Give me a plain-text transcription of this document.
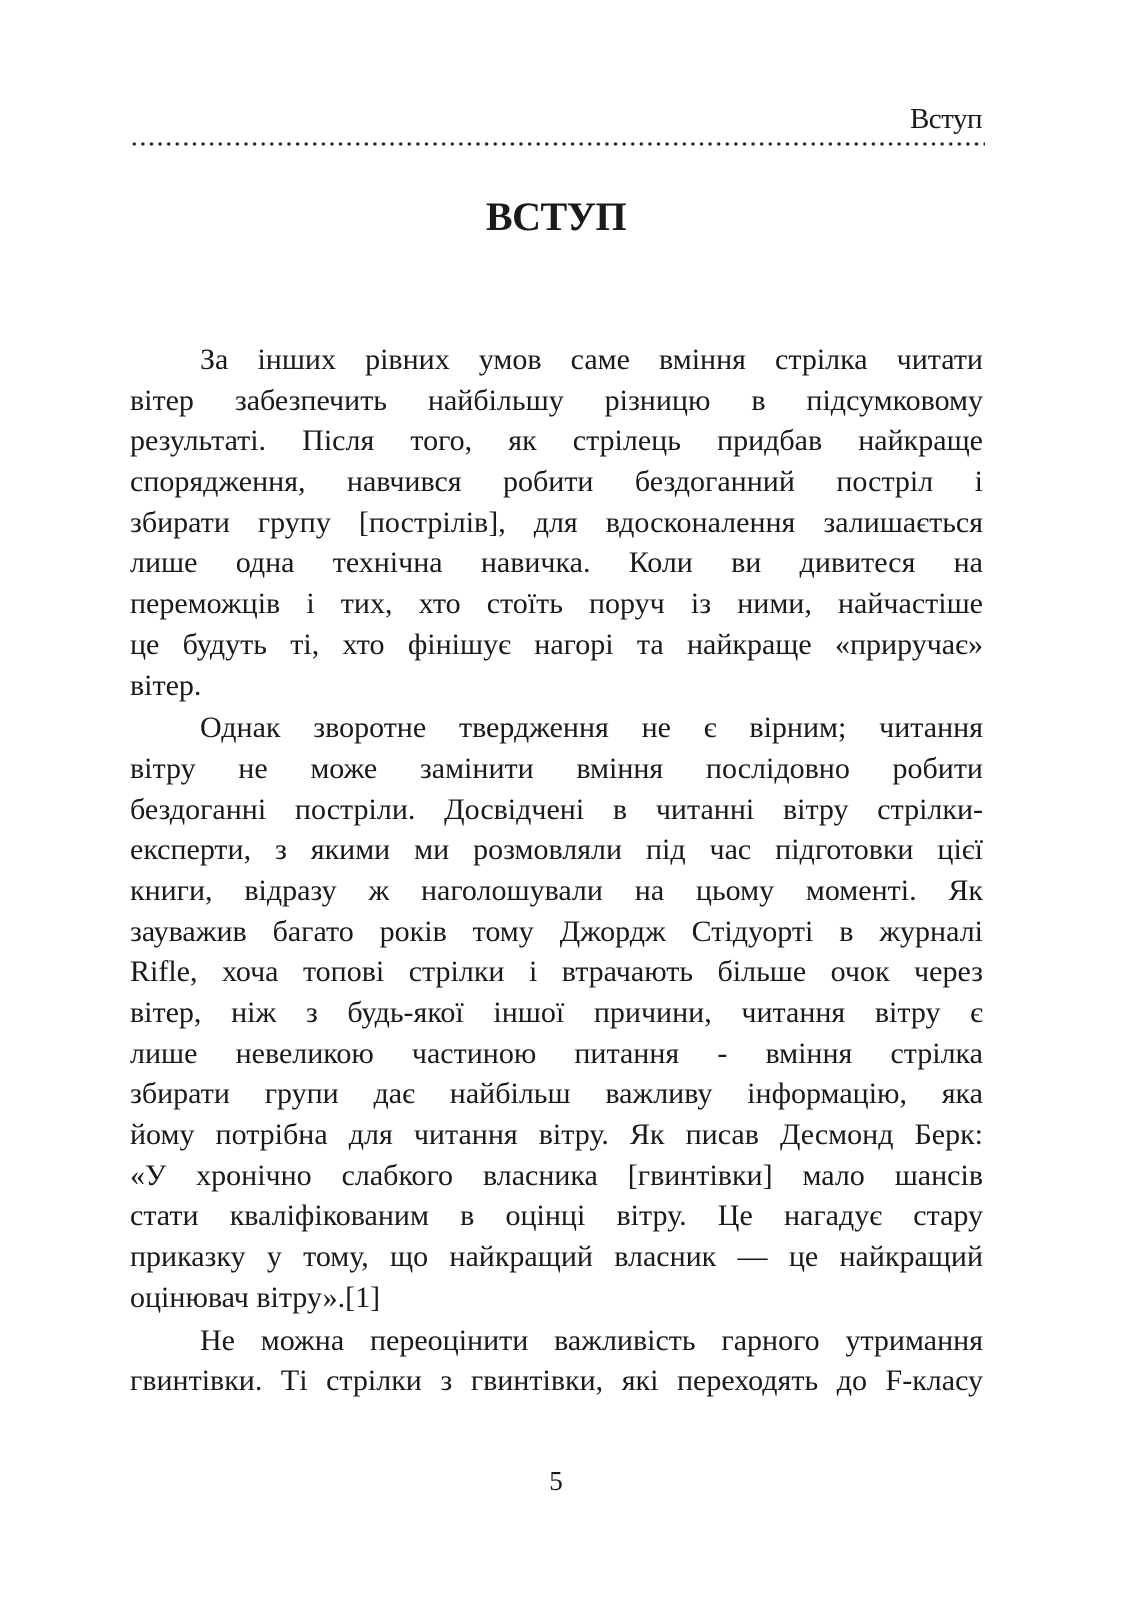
Вступ
ВСТУП
За інших рівних умов саме вміння стрілка читати
вітер забезпечить найбільшу різницю в підсумковому
результаті. Після того, як стрілець придбав найкраще
спорядження, навчився робити бездоганний постріл і
збирати групу [пострілів], для вдосконалення залишається
лише одна технічна навичка. Коли ви дивитеся на
переможців і тих, хто стоїть поруч із ними, найчастіше
це будуть ті, хто фінішує нагорі та найкраще «приручає»
вітер.
Однак зворотне твердження не є вірним; читання
вітру не може замінити вміння послідовно робити
бездоганні постріли. Досвідчені в читанні вітру стрілки-
експерти, з якими ми розмовляли під час підготовки цієї
книги, відразу ж наголошували на цьому моменті. Як
зауважив багато років тому Джордж Стідуорті в журналі
Rifle, хоча топові стрілки і втрачають більше очок через
вітер, ніж з будь-якої іншої причини, читання вітру є
лише невеликою частиною питання - вміння стрілка
збирати групи дає найбільш важливу інформацію, яка
йому потрібна для читання вітру. Як писав Десмонд Берк:
«У хронічно слабкого власника [гвинтівки] мало шансів
стати кваліфікованим в оцінці вітру. Це нагадує стару
приказку у тому, що найкращий власник — це найкращий
оцінювач вітру».[1]
Не можна переоцінити важливість гарного утримання
гвинтівки. Ті стрілки з гвинтівки, які переходять до F-класу
5
